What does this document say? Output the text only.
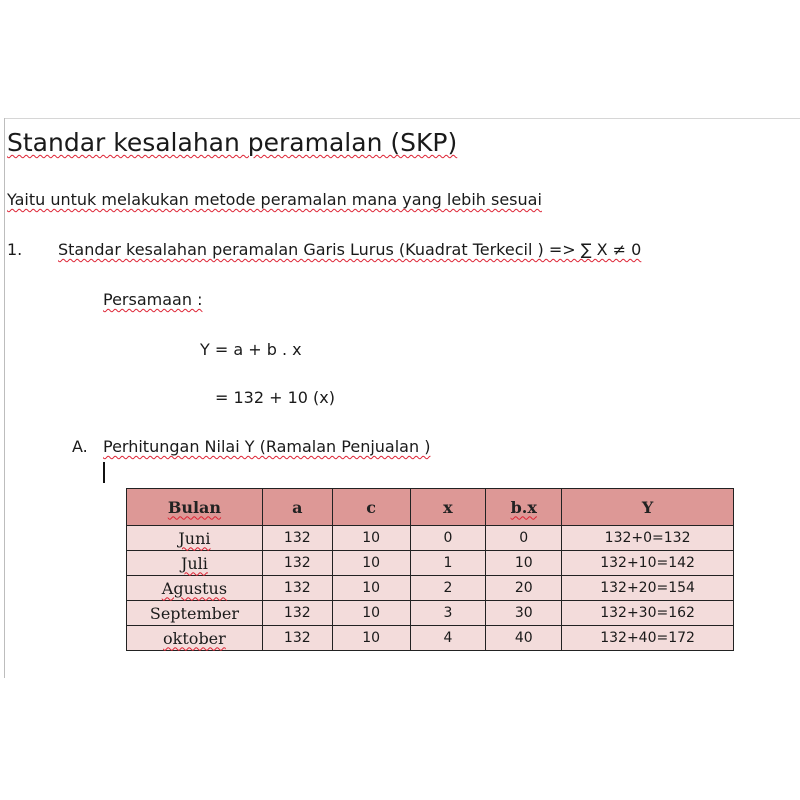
Standar kesalahan peramalan (SKP)
Yaitu untuk melakukan metode peramalan mana yang lebih sesuai
1. Standar kesalahan peramalan Garis Lurus (Kuadrat Terkecil ) => ∑ X ≠ 0
Persamaan :
Y = a + b . x
= 132 + 10 (x)
A. Perhitungan Nilai Y (Ramalan Penjualan )
Bulan	a	c	x	b.x	Y
Juni	132	10	0	0	132+0=132
Juli	132	10	1	10	132+10=142
Agustus	132	10	2	20	132+20=154
September	132	10	3	30	132+30=162
oktober	132	10	4	40	132+40=172
